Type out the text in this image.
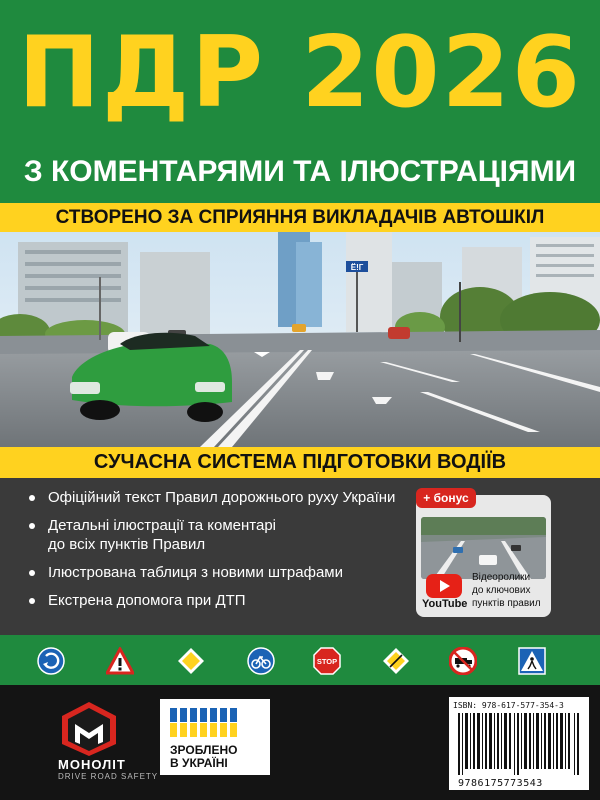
ПДР 2026
З КОМЕНТАРЯМИ ТА ІЛЮСТРАЦІЯМИ
СТВОРЕНО ЗА СПРИЯННЯ ВИКЛАДАЧІВ АВТОШКІЛ
Ё!Г
СУЧАСНА СИСТЕМА ПІДГОТОВКИ ВОДІЇВ
Офіційний текст Правил дорожнього руху України
Детальні ілюстрації та коментарі
до всіх пунктів Правил
Ілюстрована таблиця з новими штрафами
Екстрена допомога при ДТП
+ бонус
YouTube
Відеоролики
до ключових
пунктів правил
STOP
МОНОЛІТ
DRIVE ROAD SAFETY
ЗРОБЛЕНО
В УКРАЇНІ
ISBN: 978-617-577-354-3
9786175773543
